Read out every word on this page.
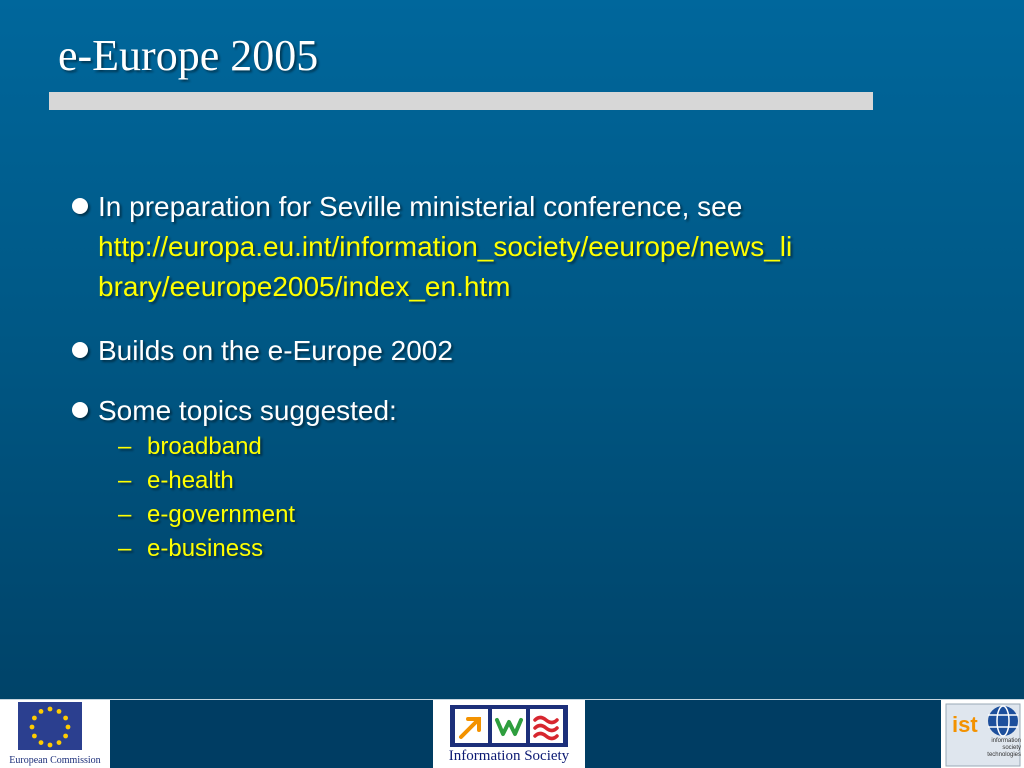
e-Europe 2005
In preparation for Seville ministerial conference, see
http://europa.eu.int/information_society/eeurope/news_li
brary/eeurope2005/index_en.htm
Builds on the e-Europe 2002
Some topics suggested:
– broadband
– e-health
– e-government
– e-business
European Commission	Information Society
ist
information
society
technologies
